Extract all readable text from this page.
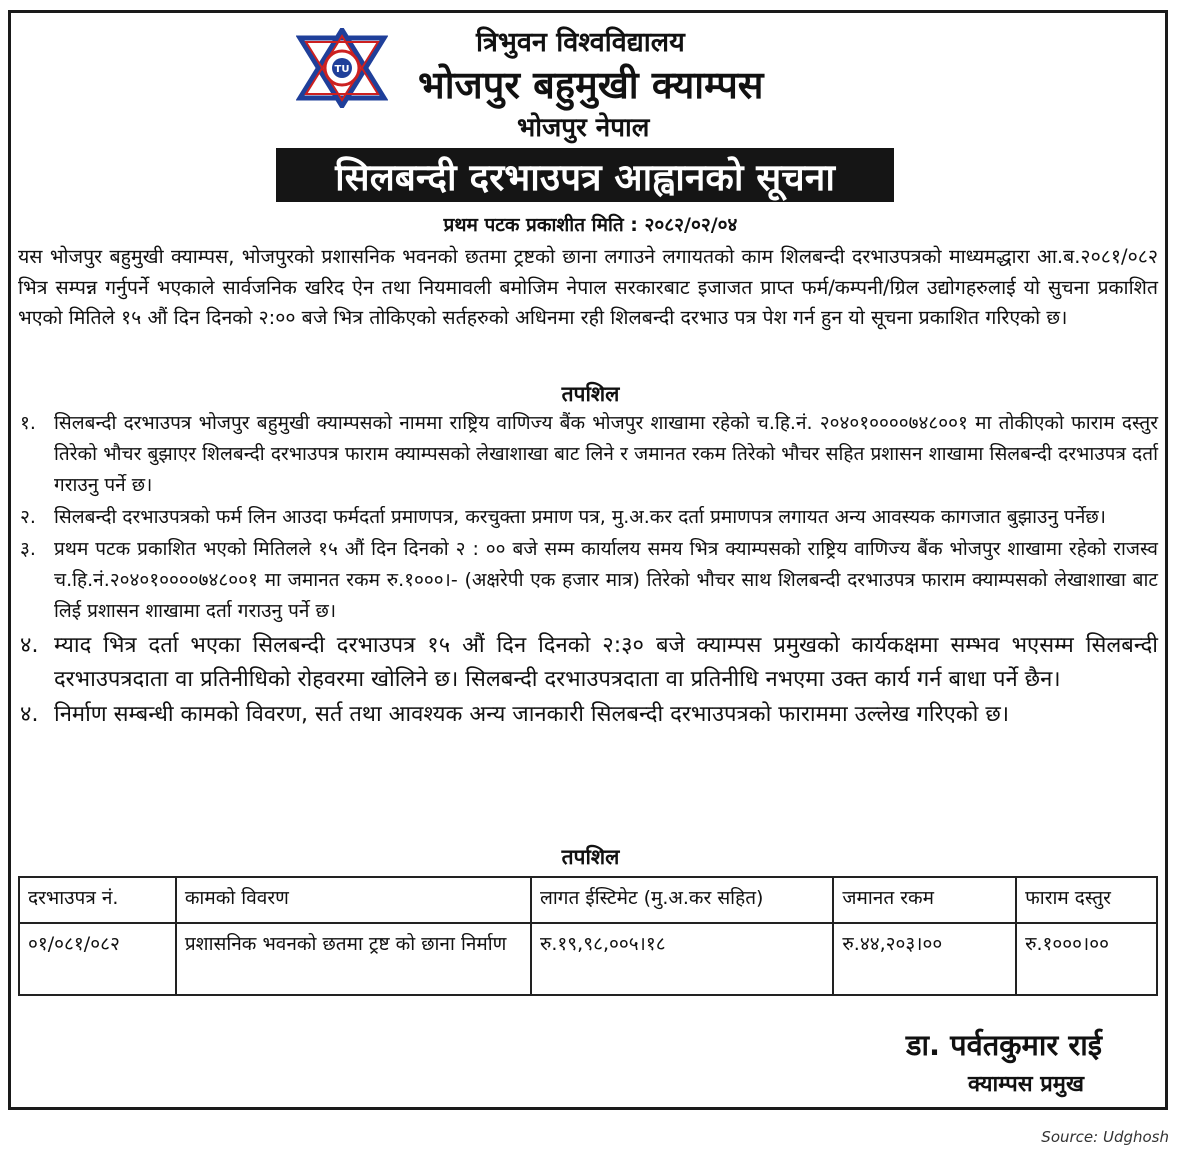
TU
त्रिभुवन विश्वविद्यालय
भोजपुर बहुमुखी क्याम्पस
भोजपुर नेपाल
सिलबन्दी दरभाउपत्र आह्वानको सूचना
प्रथम पटक प्रकाशीत मिति : २०८२/०२/०४
यस भोजपुर बहुमुखी क्याम्पस, भोजपुरको प्रशासनिक भवनको छतमा ट्रष्टको छाना लगाउने लगायतको काम शिलबन्दी दरभाउपत्रको माध्यमद्धारा आ.ब.२०८१/०८२ भित्र सम्पन्न गर्नुपर्ने भएकाले सार्वजनिक खरिद ऐन तथा नियमावली बमोजिम नेपाल सरकारबाट इजाजत प्राप्त फर्म/कम्पनी/ग्रिल उद्योगहरुलाई यो सुचना प्रकाशित भएको मितिले १५ औं दिन दिनको २:०० बजे भित्र तोकिएको सर्तहरुको अधिनमा रही शिलबन्दी दरभाउ पत्र पेश गर्न हुन यो सूचना प्रकाशित गरिएको छ।
तपशिल
१. सिलबन्दी दरभाउपत्र भोजपुर बहुमुखी क्याम्पसको नाममा राष्ट्रिय वाणिज्य बैंक भोजपुर शाखामा रहेको च.हि.नं. २०४०१००००७४८००१ मा तोकीएको फाराम दस्तुर तिरेको भौचर बुझाएर शिलबन्दी दरभाउपत्र फाराम क्याम्पसको लेखाशाखा बाट लिने र जमानत रकम तिरेको भौचर सहित प्रशासन शाखामा सिलबन्दी दरभाउपत्र दर्ता गराउनु पर्ने छ।
२. सिलबन्दी दरभाउपत्रको फर्म लिन आउदा फर्मदर्ता प्रमाणपत्र, करचुक्ता प्रमाण पत्र, मु.अ.कर दर्ता प्रमाणपत्र लगायत अन्य आवस्यक कागजात बुझाउनु पर्नेछ।
३. प्रथम पटक प्रकाशित भएको मितिलले १५ औं दिन दिनको २ : ०० बजे सम्म कार्यालय समय भित्र क्याम्पसको राष्ट्रिय वाणिज्य बैंक भोजपुर शाखामा रहेको राजस्व च.हि.नं.२०४०१००००७४८००१ मा जमानत रकम रु.१०००।- (अक्षरेपी एक हजार मात्र) तिरेको भौचर साथ शिलबन्दी दरभाउपत्र फाराम क्याम्पसको लेखाशाखा बाट लिई प्रशासन शाखामा दर्ता गराउनु पर्ने छ।
४. म्याद भित्र दर्ता भएका सिलबन्दी दरभाउपत्र १५ औं दिन दिनको २:३० बजे क्याम्पस प्रमुखको कार्यकक्षमा सम्भव भएसम्म सिलबन्दी दरभाउपत्रदाता वा प्रतिनीधिको रोहवरमा खोलिने छ। सिलबन्दी दरभाउपत्रदाता वा प्रतिनीधि नभएमा उक्त कार्य गर्न बाधा पर्ने छैन।
४. निर्माण सम्बन्धी कामको विवरण, सर्त तथा आवश्यक अन्य जानकारी सिलबन्दी दरभाउपत्रको फाराममा उल्लेख गरिएको छ।
तपशिल
दरभाउपत्र नं.	कामको विवरण	लागत ईस्टिमेट (मु.अ.कर सहित)	जमानत रकम	फाराम दस्तुर
०१/०८१/०८२	प्रशासनिक भवनको छतमा ट्रष्ट को छाना निर्माण	रु.१९,९८,००५।१८	रु.४४,२०३।००	रु.१०००।००
डा. पर्वतकुमार राई
क्याम्पस प्रमुख
Source: Udghosh
